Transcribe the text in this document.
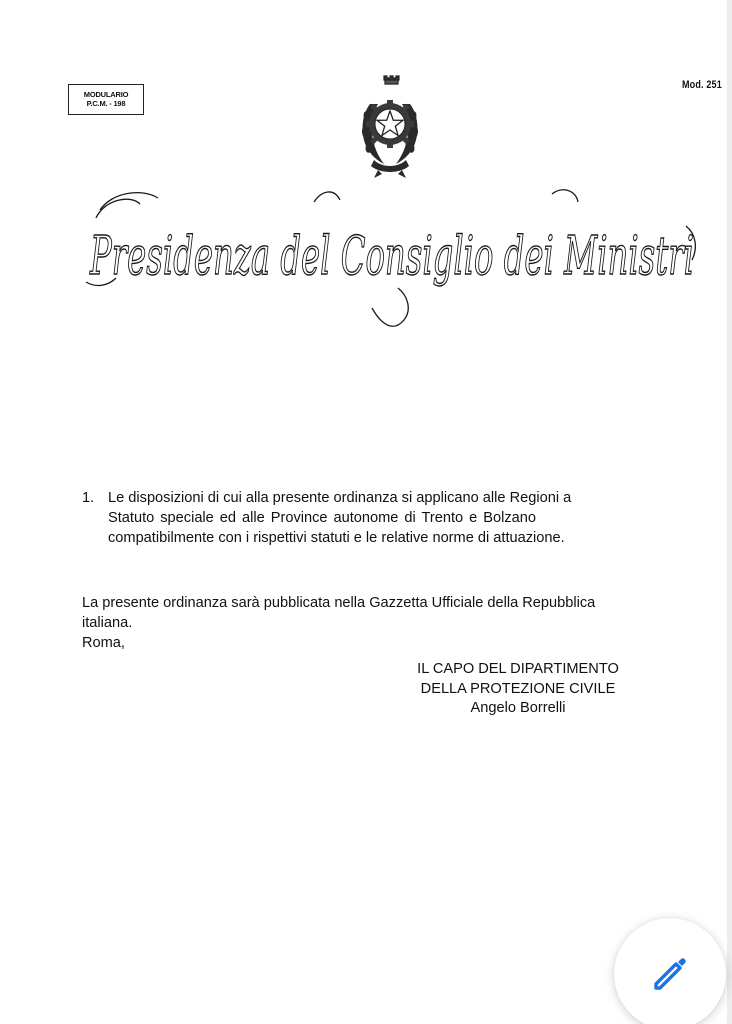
MODULARIO
P.C.M. - 198
Mod. 251
Presidenza del Consiglio dei Ministri
1. Le disposizioni di cui alla presente ordinanza si applicano alle Regioni a
Statuto speciale ed alle Province autonome di Trento e Bolzano
compatibilmente con i rispettivi statuti e le relative norme di attuazione.
La presente ordinanza sarà pubblicata nella Gazzetta Ufficiale della Repubblica
italiana.
Roma,
IL CAPO DEL DIPARTIMENTO
DELLA PROTEZIONE CIVILE
Angelo Borrelli
